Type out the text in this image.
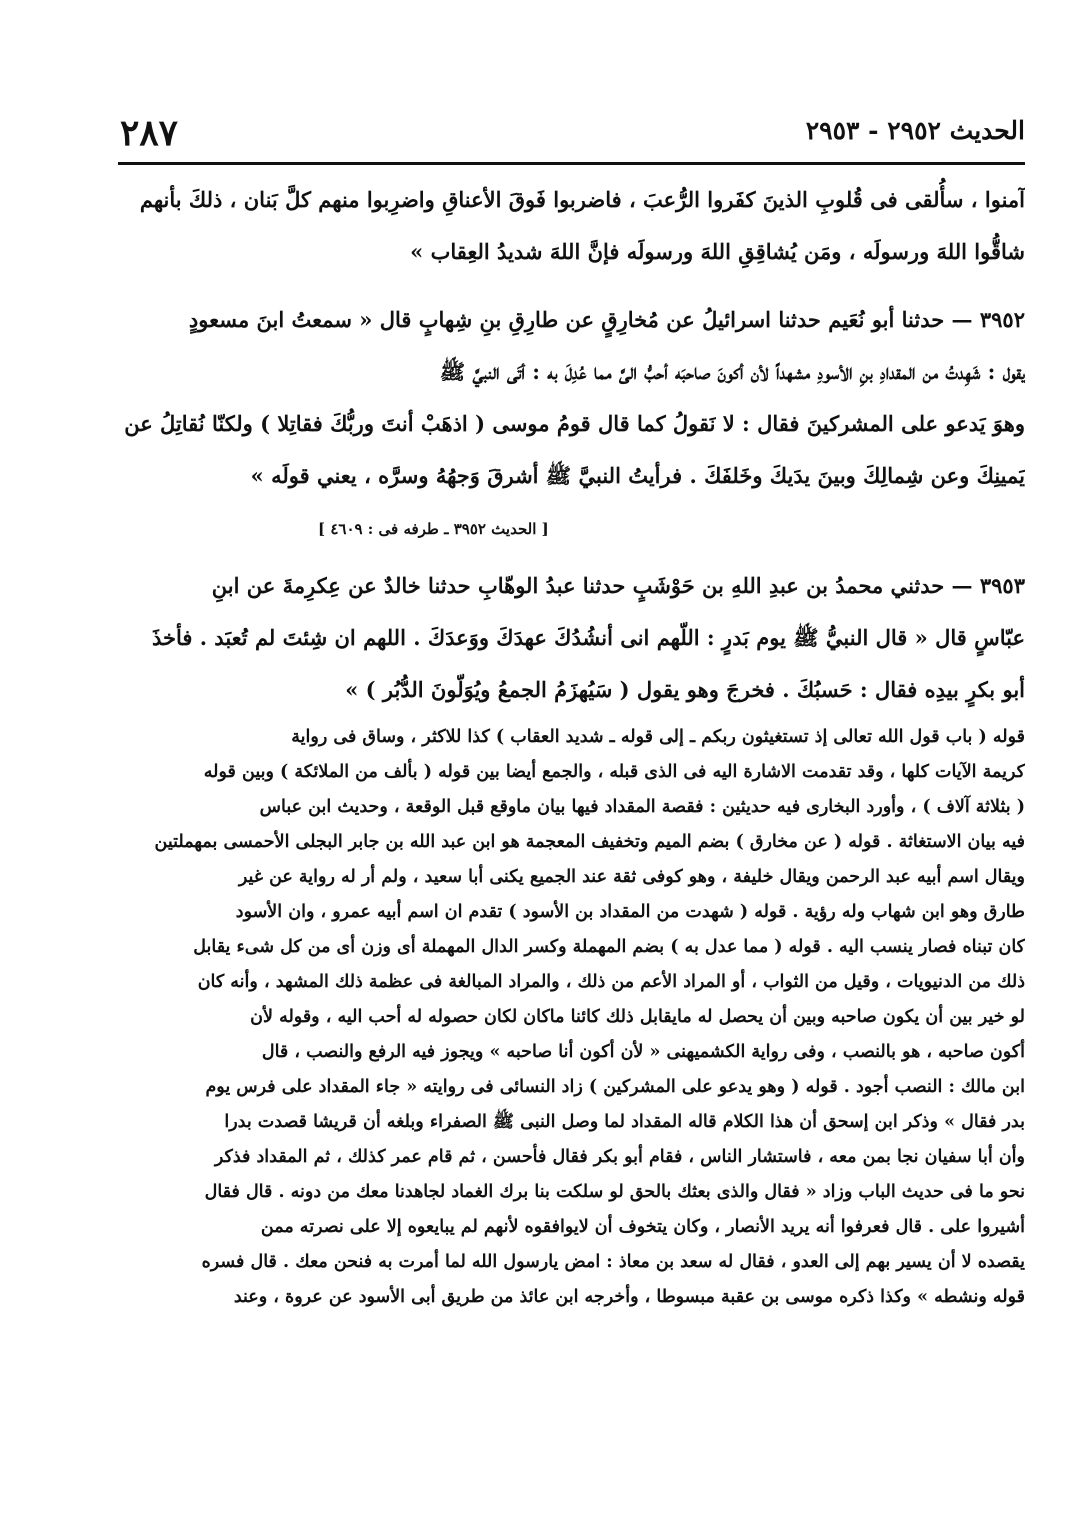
الحديث ٢٩٥٢ - ٢٩٥٣
٢٨٧
آمنوا ، سأُلقى فى قُلوبِ الذينَ كفَروا الرُّعبَ ، فاضربوا فَوقَ الأعناقِ واضرِبوا منهم كلَّ بَنان ، ذلكَ بأنهم
شاقُّوا اللهَ ورسولَه ، ومَن يُشاقِقِ اللهَ ورسولَه فإنَّ اللهَ شديدُ العِقاب »
٣٩٥٢ — حدثنا أبو نُعَيم حدثنا اسرائيلُ عن مُخارِقٍ عن طارِقِ بنِ شِهابٍ قال « سمعتُ ابنَ مسعودٍ
يقول : شَهِدتُ من المقدادِ بنِ الأسودِ مشهداً لأن أكونَ صاحبَه أحبُّ الىَّ مما عُدِلَ به : أتَى النبيَّ ﷺ
وهوَ يَدعو على المشركينَ فقال : لا نَقولُ كما قال قومُ موسى ( اذهَبْ أنتَ وربُّكَ فقاتِلا ) ولكنّا نُقاتِلُ عن
يَمينِكَ وعن شِمالِكَ وبينَ يدَيكَ وخَلفَكَ . فرأيتُ النبيَّ ﷺ أشرقَ وَجهُهُ وسرَّه ، يعني قولَه »
[ الحديث ٣٩٥٢ ـ طرفه فى : ٤٦٠٩ ]
٣٩٥٣ — حدثني محمدُ بن عبدِ اللهِ بن حَوْشَبٍ حدثنا عبدُ الوهّابِ حدثنا خالدٌ عن عِكرِمةَ عن ابنِ
عبّاسٍ قال « قال النبيُّ ﷺ يوم بَدرٍ : اللّهم انى أنشُدُكَ عهدَكَ ووَعدَكَ . اللهم ان شِئتَ لم تُعبَد . فأخذَ
أبو بكرٍ بيدِه فقال : حَسبُكَ . فخرجَ وهو يقول ( سَيُهزَمُ الجمعُ ويُوَلّونَ الدُّبُر ) »
قوله ( باب قول الله تعالى إذ تستغيثون ربكم ـ إلى قوله ـ شديد العقاب ) كذا للاكثر ، وساق فى رواية
كريمة الآيات كلها ، وقد تقدمت الاشارة اليه فى الذى قبله ، والجمع أيضا بين قوله ( بألف من الملائكة ) وبين قوله
( بثلاثة آلاف ) ، وأورد البخارى فيه حديثين : فقصة المقداد فيها بيان ماوقع قبل الوقعة ، وحديث ابن عباس
فيه بيان الاستغاثة . قوله ( عن مخارق ) بضم الميم وتخفيف المعجمة هو ابن عبد الله بن جابر البجلى الأحمسى بمهملتين
ويقال اسم أبيه عبد الرحمن ويقال خليفة ، وهو كوفى ثقة عند الجميع يكنى أبا سعيد ، ولم أر له رواية عن غير
طارق وهو ابن شهاب وله رؤية . قوله ( شهدت من المقداد بن الأسود ) تقدم ان اسم أبيه عمرو ، وان الأسود
كان تبناه فصار ينسب اليه . قوله ( مما عدل به ) بضم المهملة وكسر الدال المهملة أى وزن أى من كل شىء يقابل
ذلك من الدنيويات ، وقيل من الثواب ، أو المراد الأعم من ذلك ، والمراد المبالغة فى عظمة ذلك المشهد ، وأنه كان
لو خير بين أن يكون صاحبه وبين أن يحصل له مايقابل ذلك كائنا ماكان لكان حصوله له أحب اليه ، وقوله لأن
أكون صاحبه ، هو بالنصب ، وفى رواية الكشميهنى « لأن أكون أنا صاحبه » ويجوز فيه الرفع والنصب ، قال
ابن مالك : النصب أجود . قوله ( وهو يدعو على المشركين ) زاد النسائى فى روايته « جاء المقداد على فرس يوم
بدر فقال » وذكر ابن إسحق أن هذا الكلام قاله المقداد لما وصل النبى ﷺ الصفراء وبلغه أن قريشا قصدت بدرا
وأن أبا سفيان نجا بمن معه ، فاستشار الناس ، فقام أبو بكر فقال فأحسن ، ثم قام عمر كذلك ، ثم المقداد فذكر
نحو ما فى حديث الباب وزاد « فقال والذى بعثك بالحق لو سلكت بنا برك الغماد لجاهدنا معك من دونه . قال فقال
أشيروا على . قال فعرفوا أنه يريد الأنصار ، وكان يتخوف أن لايوافقوه لأنهم لم يبايعوه إلا على نصرته ممن
يقصده لا أن يسير بهم إلى العدو ، فقال له سعد بن معاذ : امض يارسول الله لما أمرت به فنحن معك . قال فسره
قوله ونشطه » وكذا ذكره موسى بن عقبة مبسوطا ، وأخرجه ابن عائذ من طريق أبى الأسود عن عروة ، وعند
